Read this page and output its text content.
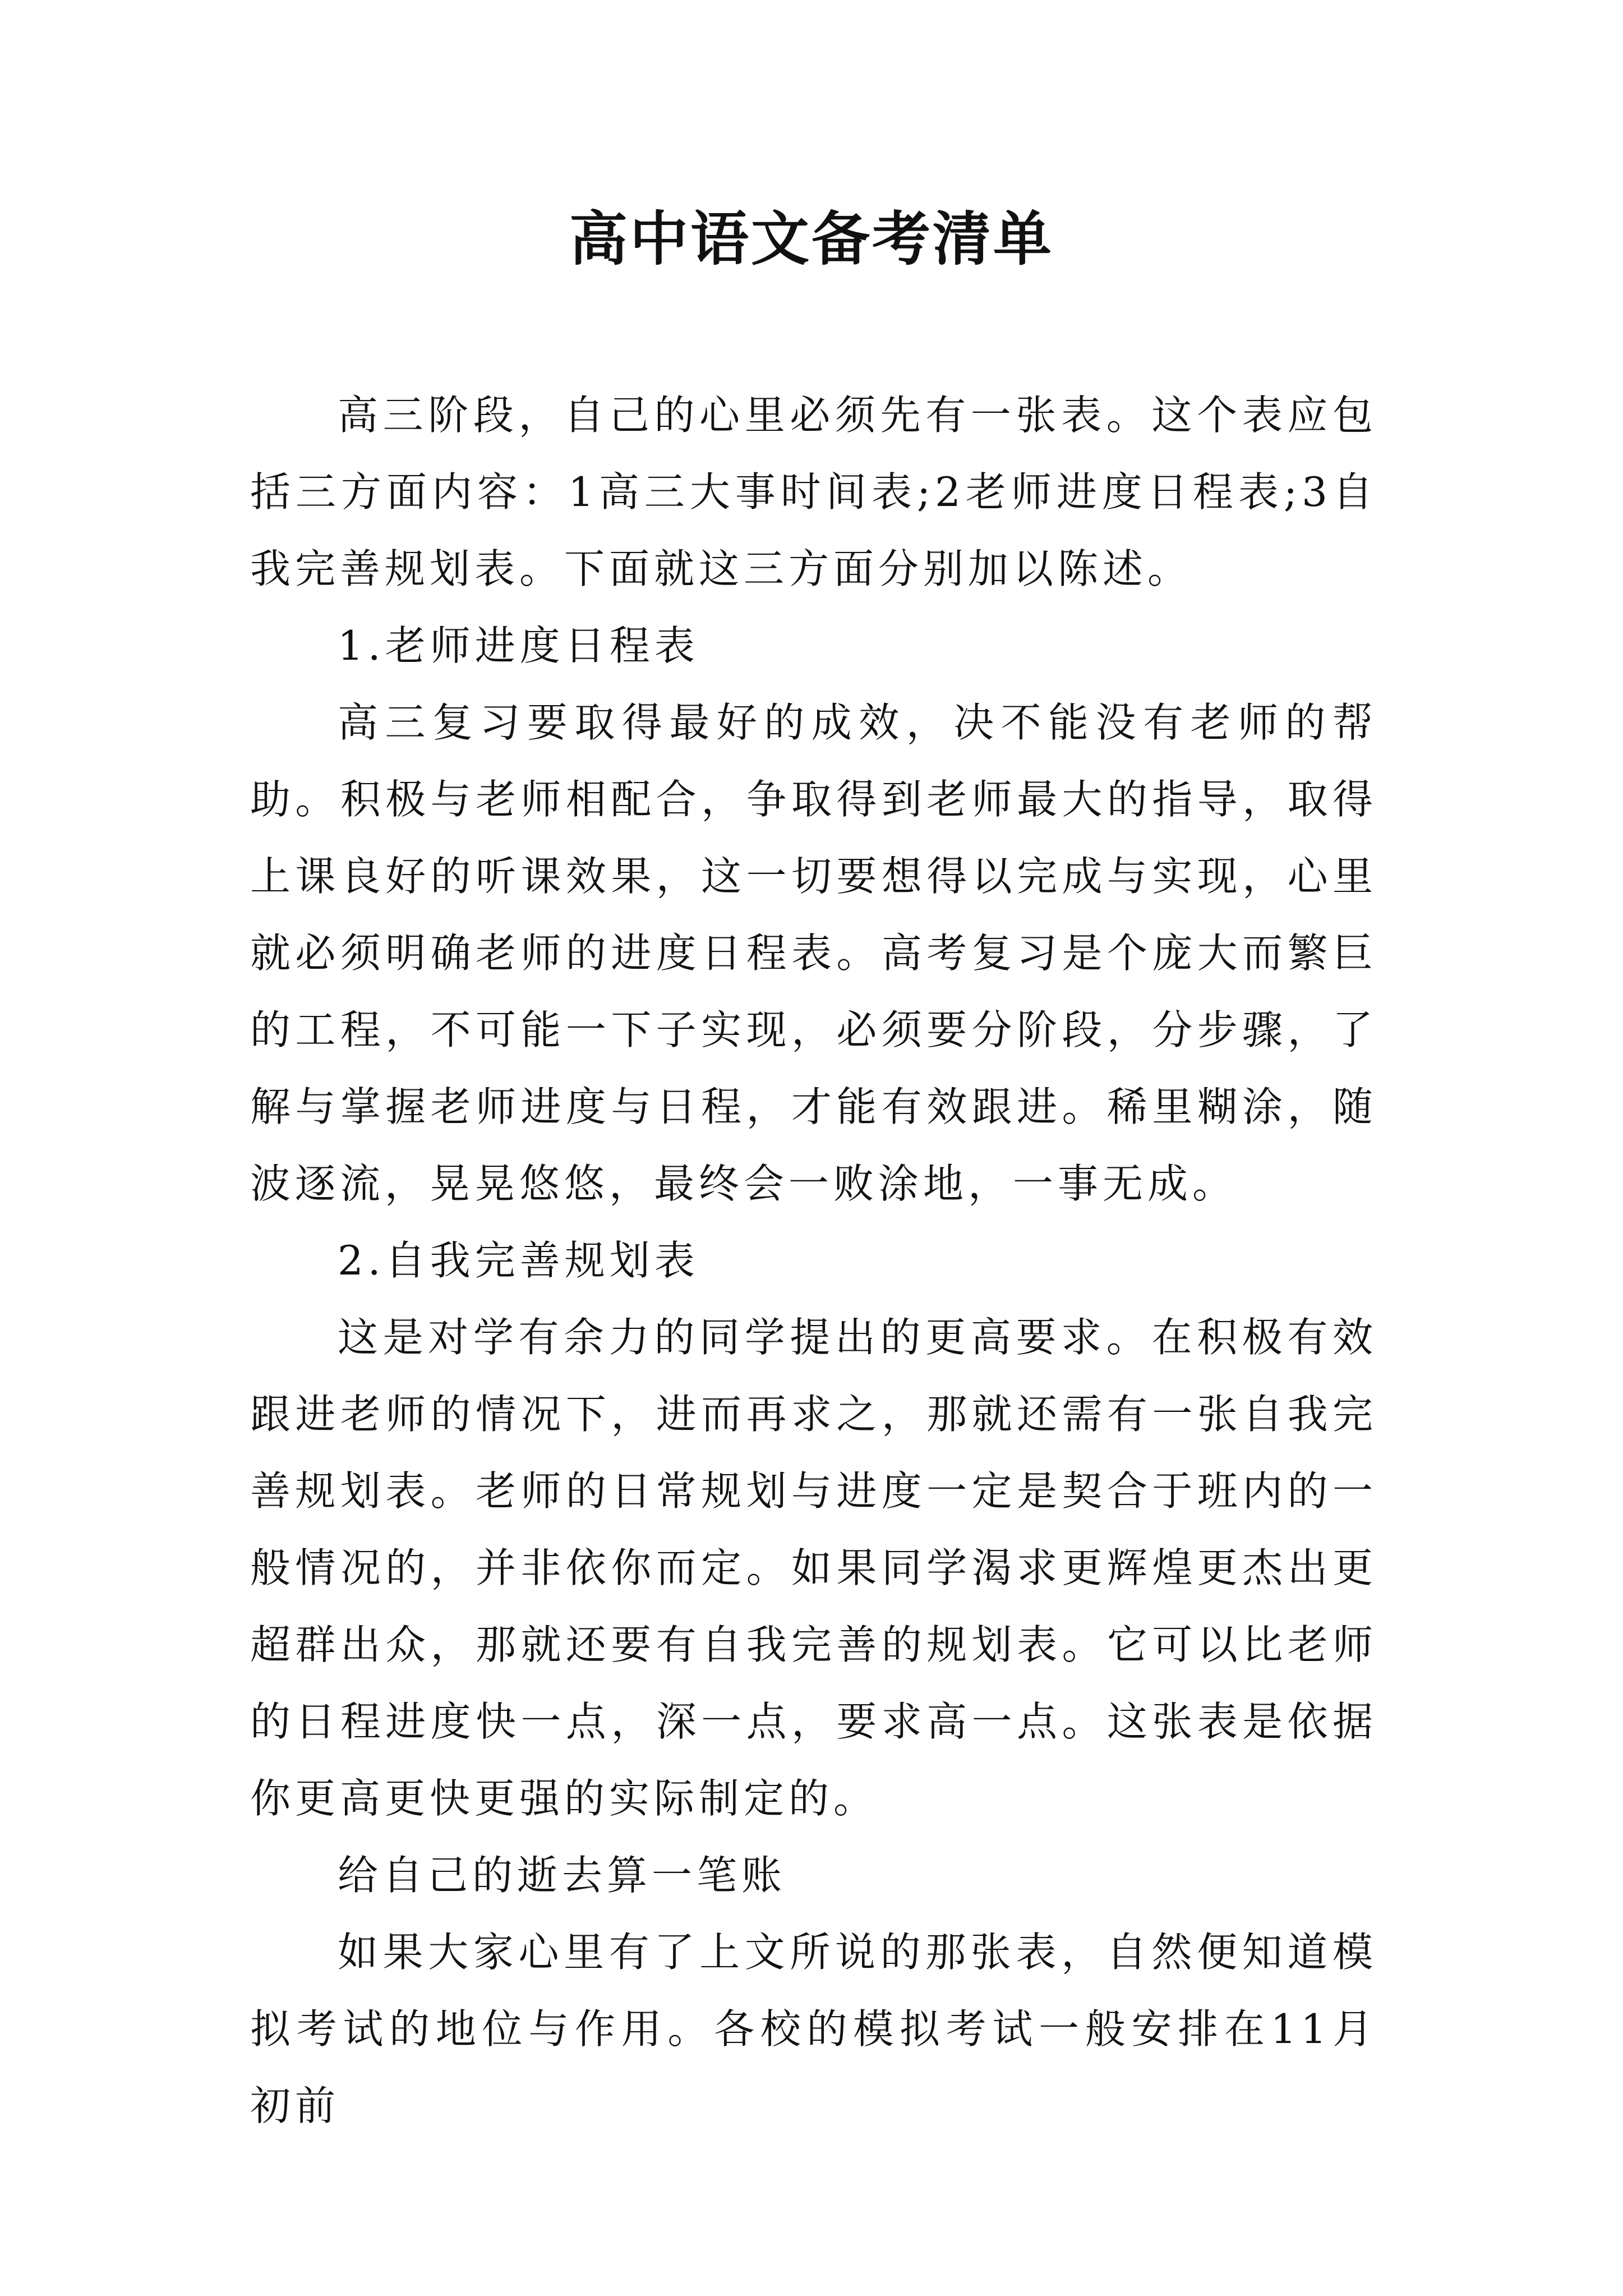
高中语文备考清单

高三阶段，自己的心里必须先有一张表。这个表应包括三方面内容：1高三大事时间表;2老师进度日程表;3自我完善规划表。下面就这三方面分别加以陈述。

1.老师进度日程表

高三复习要取得最好的成效，决不能没有老师的帮助。积极与老师相配合，争取得到老师最大的指导，取得上课良好的听课效果，这一切要想得以完成与实现，心里就必须明确老师的进度日程表。高考复习是个庞大而繁巨的工程，不可能一下子实现，必须要分阶段，分步骤，了解与掌握老师进度与日程，才能有效跟进。稀里糊涂，随波逐流，晃晃悠悠，最终会一败涂地，一事无成。

2.自我完善规划表

这是对学有余力的同学提出的更高要求。在积极有效跟进老师的情况下，进而再求之，那就还需有一张自我完善规划表。老师的日常规划与进度一定是契合于班内的一般情况的，并非依你而定。如果同学渴求更辉煌更杰出更超群出众，那就还要有自我完善的规划表。它可以比老师的日程进度快一点，深一点，要求高一点。这张表是依据你更高更快更强的实际制定的。

给自己的逝去算一笔账

如果大家心里有了上文所说的那张表，自然便知道模拟考试的地位与作用。各校的模拟考试一般安排在11月初前
